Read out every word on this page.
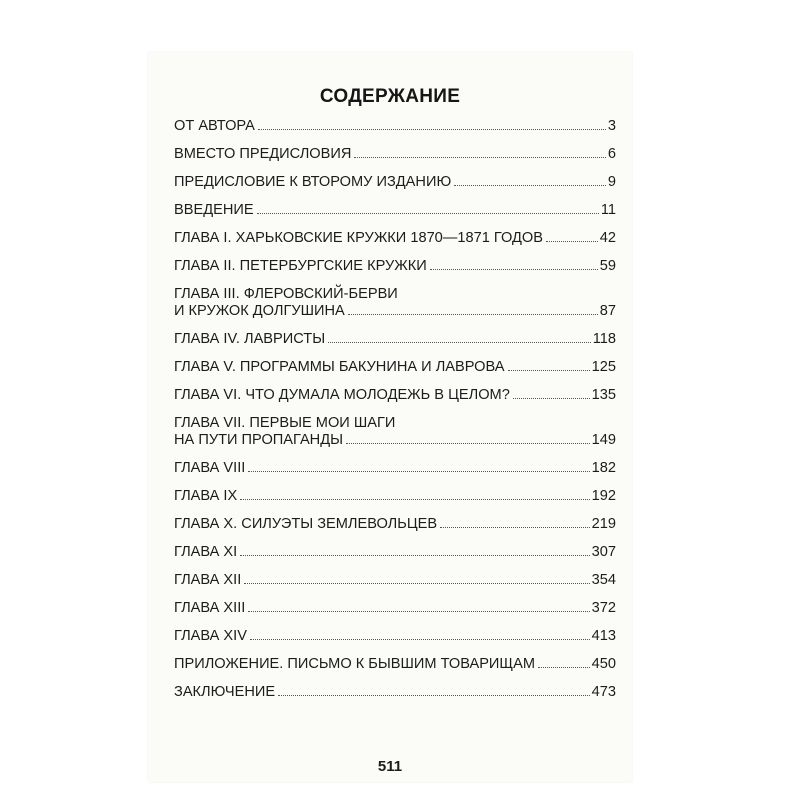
СОДЕРЖАНИЕ
ОТ АВТОРА	3
ВМЕСТО ПРЕДИСЛОВИЯ	6
ПРЕДИСЛОВИЕ К ВТОРОМУ ИЗДАНИЮ	9
ВВЕДЕНИЕ	11
ГЛАВА I. ХАРЬКОВСКИЕ КРУЖКИ 1870—1871 ГОДОВ	42
ГЛАВА II. ПЕТЕРБУРГСКИЕ КРУЖКИ	59
ГЛАВА III. ФЛЕРОВСКИЙ-БЕРВИ
И КРУЖОК ДОЛГУШИНА	87
ГЛАВА IV. ЛАВРИСТЫ	118
ГЛАВА V. ПРОГРАММЫ БАКУНИНА И ЛАВРОВА	125
ГЛАВА VI. ЧТО ДУМАЛА МОЛОДЕЖЬ В ЦЕЛОМ?	135
ГЛАВА VII. ПЕРВЫЕ МОИ ШАГИ
НА ПУТИ ПРОПАГАНДЫ	149
ГЛАВА VIII	182
ГЛАВА IX	192
ГЛАВА X. СИЛУЭТЫ ЗЕМЛЕВОЛЬЦЕВ	219
ГЛАВА XI	307
ГЛАВА XII	354
ГЛАВА XIII	372
ГЛАВА XIV	413
ПРИЛОЖЕНИЕ. ПИСЬМО К БЫВШИМ ТОВАРИЩАМ	450
ЗАКЛЮЧЕНИЕ	473
511
